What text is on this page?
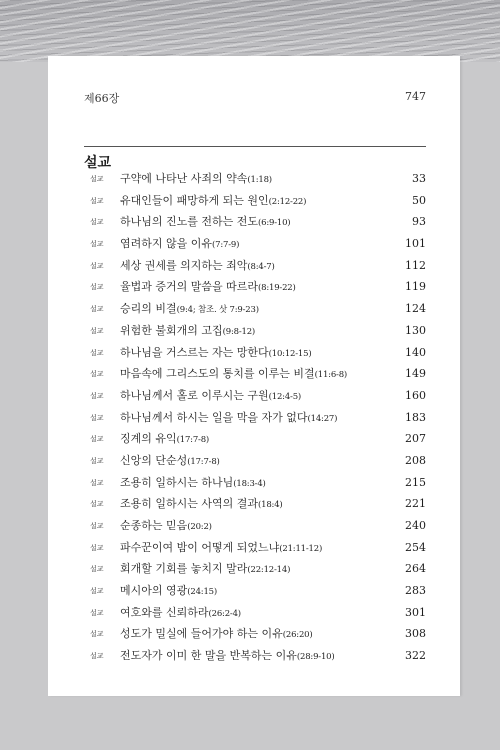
제66장	747
설교
설교 구약에 나타난 사죄의 약속(1:18)	33
설교 유대인들이 패망하게 되는 원인(2:12-22)	50
설교 하나님의 진노를 전하는 전도(6:9-10)	93
설교 염려하지 않을 이유(7:7-9)	101
설교 세상 권세를 의지하는 죄악(8:4-7)	112
설교 율법과 증거의 말씀을 따르라(8:19-22)	119
설교 승리의 비결(9:4; 참조. 삿 7:9-23)	124
설교 위험한 불회개의 고집(9:8-12)	130
설교 하나님을 거스르는 자는 망한다(10:12-15)	140
설교 마음속에 그리스도의 통치를 이루는 비결(11:6-8)	149
설교 하나님께서 홀로 이루시는 구원(12:4-5)	160
설교 하나님께서 하시는 일을 막을 자가 없다(14:27)	183
설교 징계의 유익(17:7-8)	207
설교 신앙의 단순성(17:7-8)	208
설교 조용히 일하시는 하나님(18:3-4)	215
설교 조용히 일하시는 사역의 결과(18:4)	221
설교 순종하는 믿음(20:2)	240
설교 파수꾼이여 밤이 어떻게 되었느냐(21:11-12)	254
설교 회개할 기회를 놓치지 말라(22:12-14)	264
설교 메시아의 영광(24:15)	283
설교 여호와를 신뢰하라(26:2-4)	301
설교 성도가 밀실에 들어가야 하는 이유(26:20)	308
설교 전도자가 이미 한 말을 반복하는 이유(28:9-10)	322
